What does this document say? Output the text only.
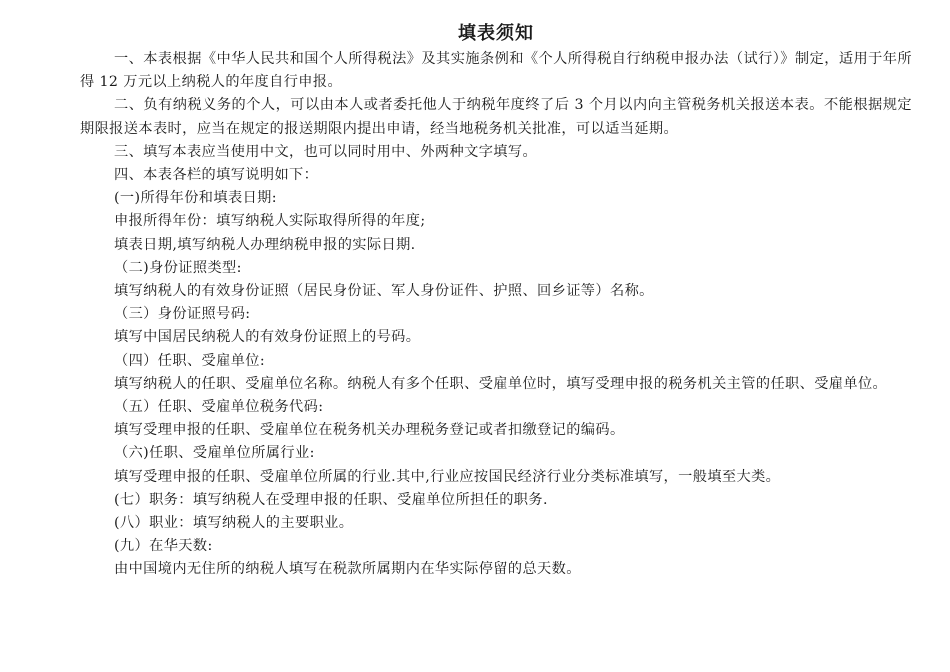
填表须知

一、本表根据《中华人民共和国个人所得税法》及其实施条例和《个人所得税自行纳税申报办法（试行）》制定，适用于年所得 12 万元以上纳税人的年度自行申报。

二、负有纳税义务的个人，可以由本人或者委托他人于纳税年度终了后 3 个月以内向主管税务机关报送本表。不能根据规定期限报送本表时，应当在规定的报送期限内提出申请，经当地税务机关批准，可以适当延期。

三、填写本表应当使用中文，也可以同时用中、外两种文字填写。

四、本表各栏的填写说明如下：

(一)所得年份和填表日期:

申报所得年份：填写纳税人实际取得所得的年度;

填表日期,填写纳税人办理纳税申报的实际日期.

（二)身份证照类型:

填写纳税人的有效身份证照（居民身份证、军人身份证件、护照、回乡证等）名称。

（三）身份证照号码:

填写中国居民纳税人的有效身份证照上的号码。

（四）任职、受雇单位:

填写纳税人的任职、受雇单位名称。纳税人有多个任职、受雇单位时，填写受理申报的税务机关主管的任职、受雇单位。

（五）任职、受雇单位税务代码:

填写受理申报的任职、受雇单位在税务机关办理税务登记或者扣缴登记的编码。

（六)任职、受雇单位所属行业:

填写受理申报的任职、受雇单位所属的行业.其中,行业应按国民经济行业分类标准填写，一般填至大类。

(七）职务：填写纳税人在受理申报的任职、受雇单位所担任的职务.

(八）职业：填写纳税人的主要职业。

(九）在华天数:

由中国境内无住所的纳税人填写在税款所属期内在华实际停留的总天数。
